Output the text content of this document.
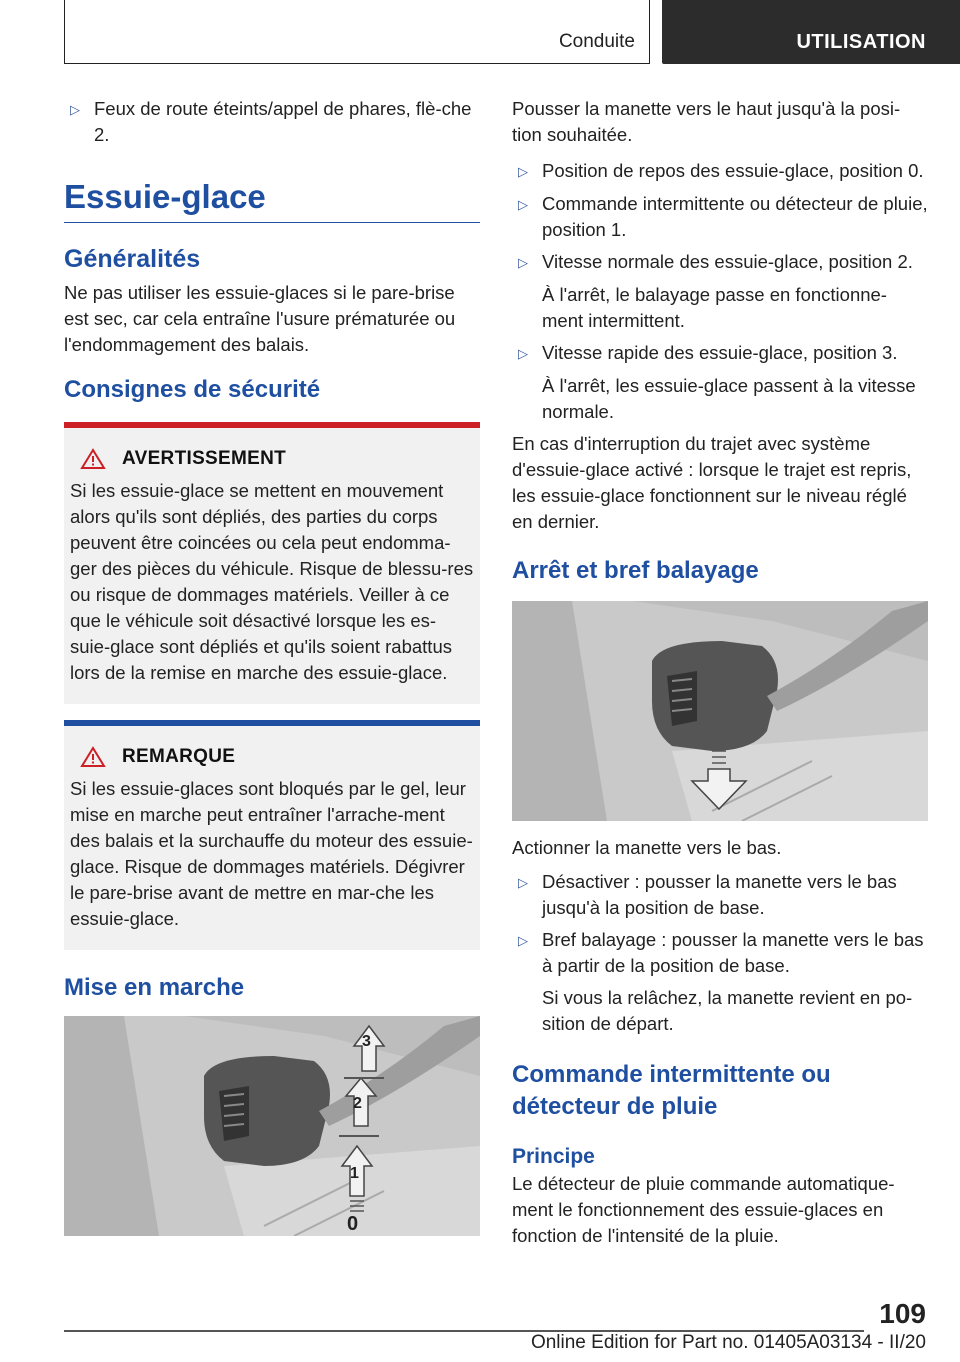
Conduite	UTILISATION
▷ Feux de route éteints/appel de phares, flè-che 2.
Essuie-glace
Généralités

Ne pas utiliser les essuie-glaces si le pare-brise est sec, car cela entraîne l'usure prématurée ou l'endommagement des balais.

Consignes de sécurité
AVERTISSEMENT

Si les essuie-glace se mettent en mouvement alors qu'ils sont dépliés, des parties du corps peuvent être coincées ou cela peut endomma-ger des pièces du véhicule. Risque de blessu-res ou risque de dommages matériels. Veiller à ce que le véhicule soit désactivé lorsque les es-suie-glace sont dépliés et qu'ils soient rabattus lors de la remise en marche des essuie-glace.

REMARQUE

Si les essuie-glaces sont bloqués par le gel, leur mise en marche peut entraîner l'arrache-ment des balais et la surchauffe du moteur des essuie-glace. Risque de dommages matériels. Dégivrer le pare-brise avant de mettre en mar-che les essuie-glace.

Mise en marche
3
2
1
0

Pousser la manette vers le haut jusqu'à la posi-tion souhaitée.

▷ Position de repos des essuie-glace, position 0.
▷ Commande intermittente ou détecteur de pluie, position 1.
▷ Vitesse normale des essuie-glace, position 2.
À l'arrêt, le balayage passe en fonctionne-ment intermittent.
▷ Vitesse rapide des essuie-glace, position 3.
À l'arrêt, les essuie-glace passent à la vitesse normale.

En cas d'interruption du trajet avec système d'essuie-glace activé : lorsque le trajet est repris, les essuie-glace fonctionnent sur le niveau réglé en dernier.

Arrêt et bref balayage

Actionner la manette vers le bas.

▷ Désactiver : pousser la manette vers le bas jusqu'à la position de base.
▷ Bref balayage : pousser la manette vers le bas à partir de la position de base.
Si vous la relâchez, la manette revient en po-sition de départ.
Commande intermittente ou détecteur de pluie
Principe

Le détecteur de pluie commande automatique-ment le fonctionnement des essuie-glaces en fonction de l'intensité de la pluie.

109
Online Edition for Part no. 01405A03134 - II/20
